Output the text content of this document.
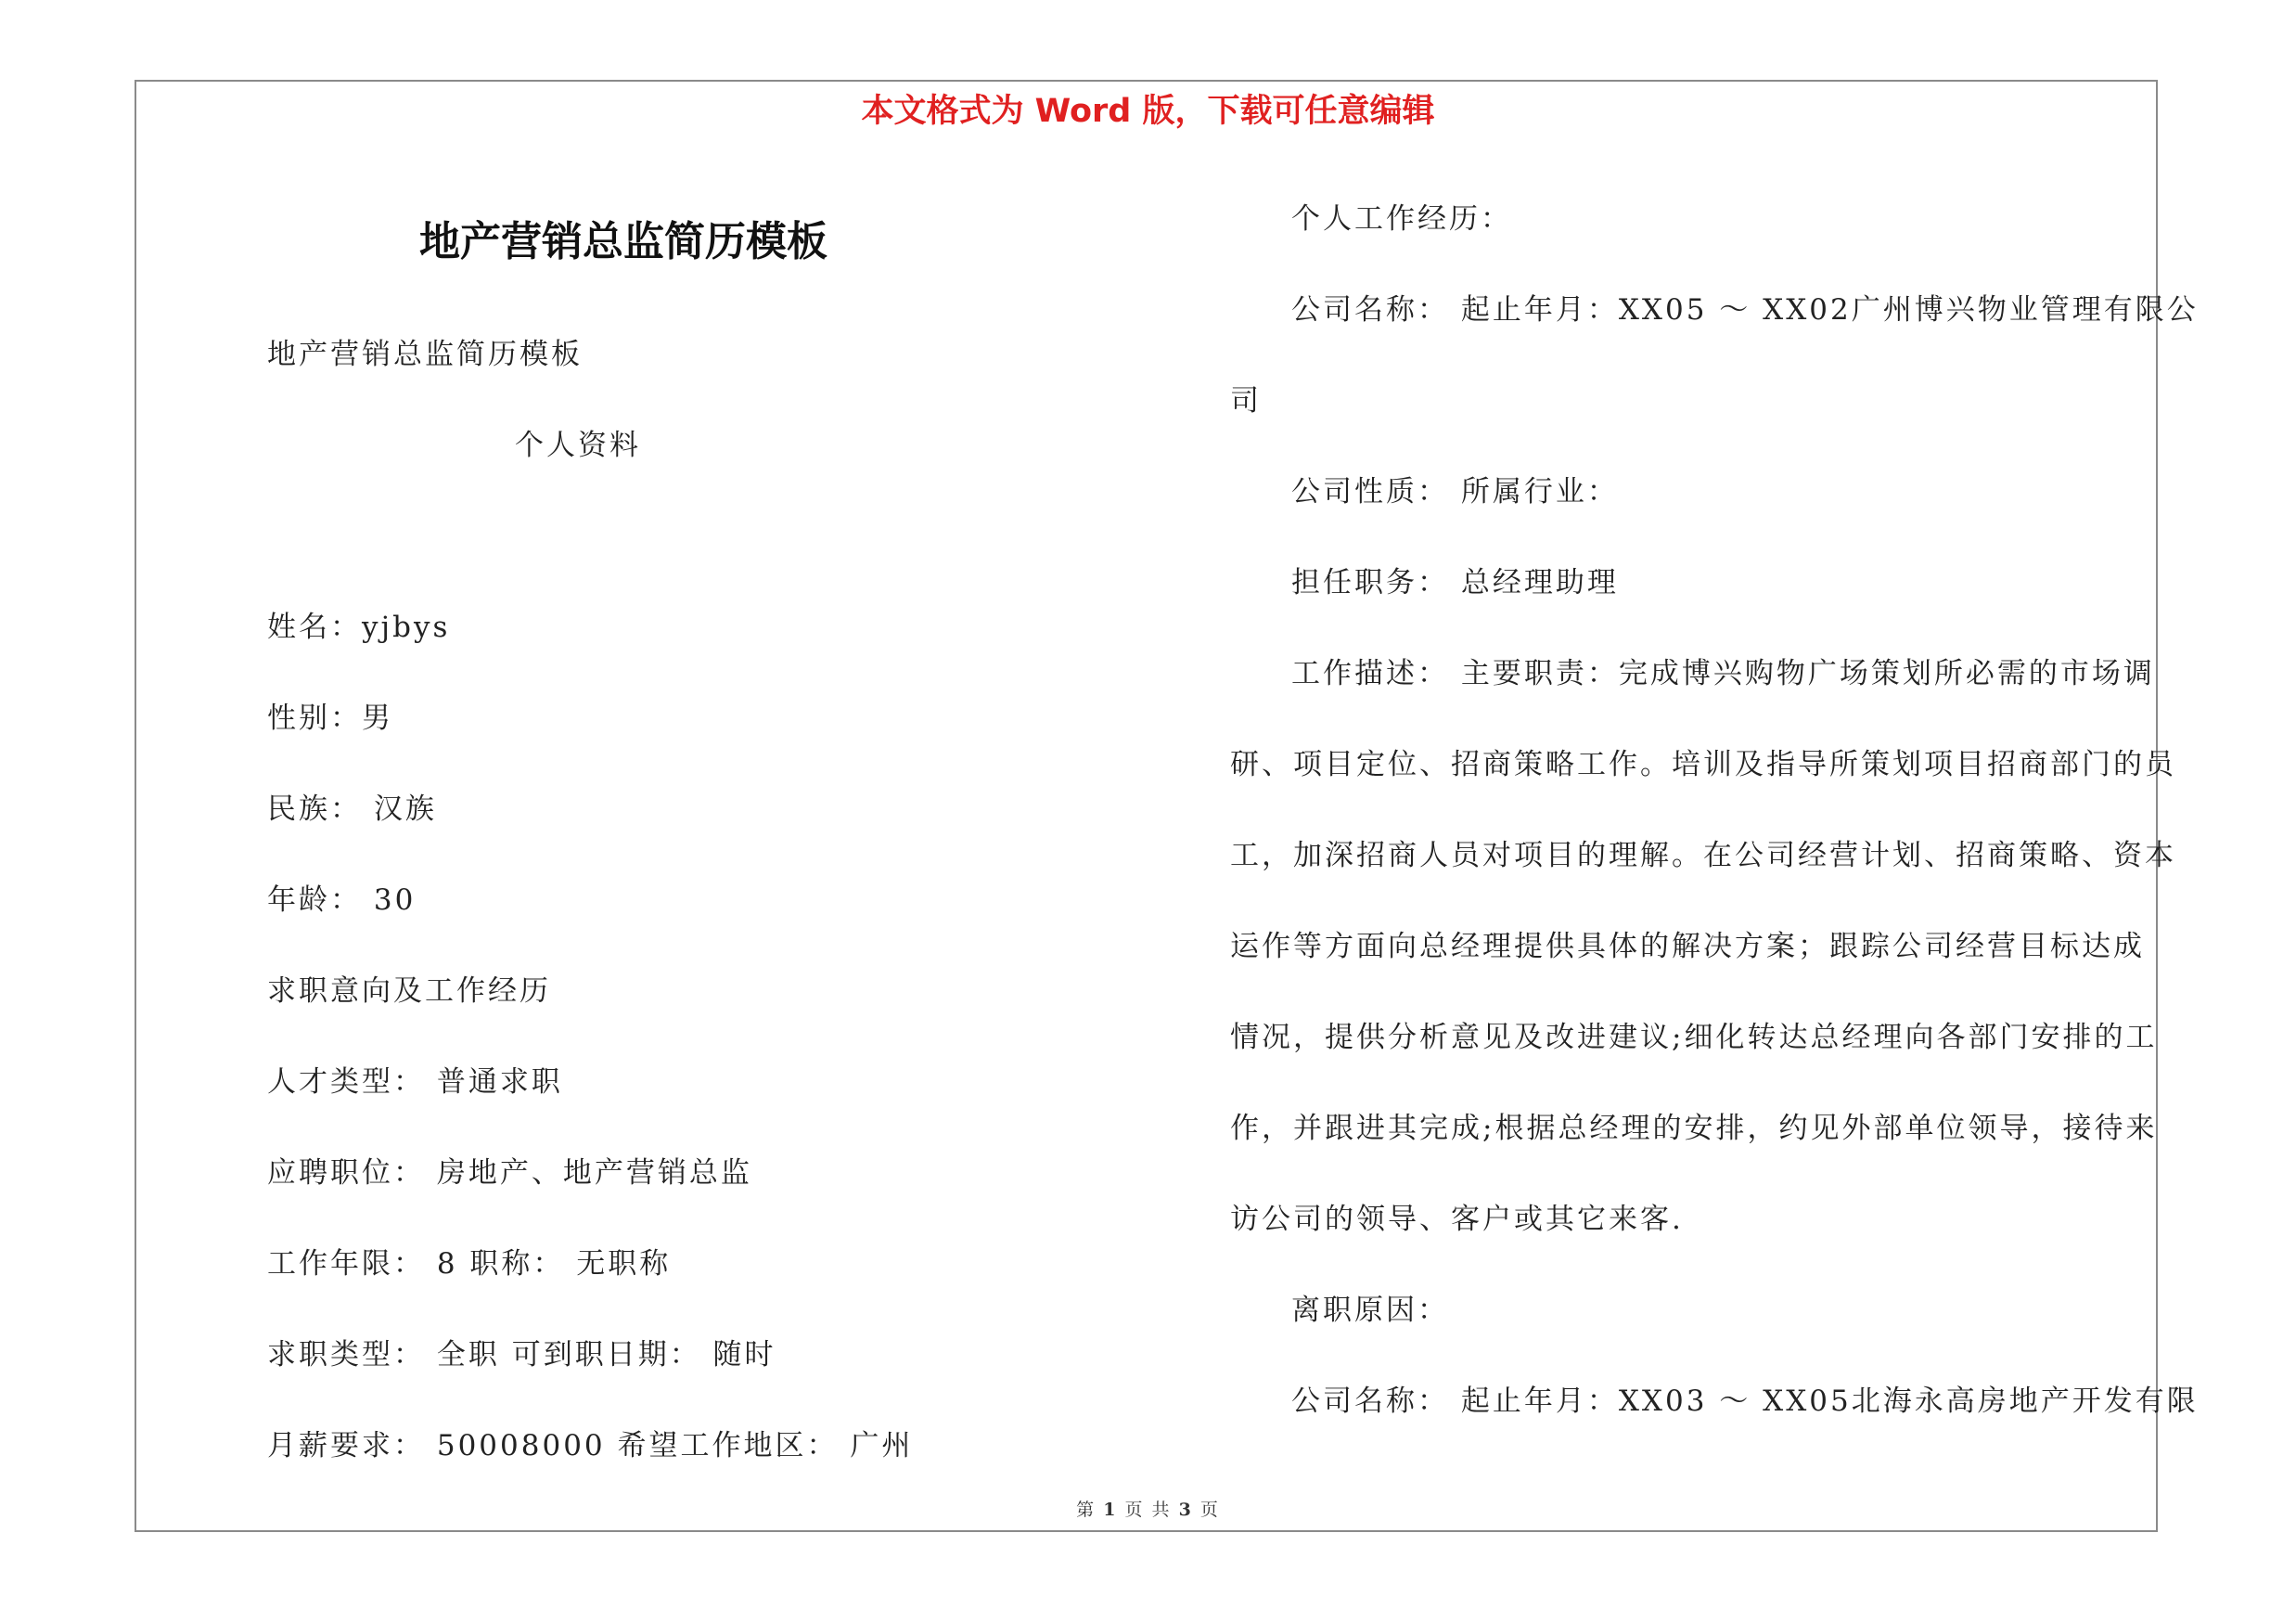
本文格式为 Word 版，下载可任意编辑
地产营销总监简历模板
地产营销总监简历模板
个人资料
姓名：yjbys
性别：男
民族： 汉族
年龄： 30
求职意向及工作经历
人才类型： 普通求职
应聘职位： 房地产、地产营销总监
工作年限： 8 职称： 无职称
求职类型： 全职 可到职日期： 随时
月薪要求： 50008000 希望工作地区： 广州
个人工作经历：
公司名称： 起止年月：XX05 ～ XX02广州博兴物业管理有限公
司
公司性质： 所属行业：
担任职务： 总经理助理
工作描述： 主要职责：完成博兴购物广场策划所必需的市场调
研、项目定位、招商策略工作。培训及指导所策划项目招商部门的员
工，加深招商人员对项目的理解。在公司经营计划、招商策略、资本
运作等方面向总经理提供具体的解决方案；跟踪公司经营目标达成
情况，提供分析意见及改进建议;细化转达总经理向各部门安排的工
作，并跟进其完成;根据总经理的安排，约见外部单位领导，接待来
访公司的领导、客户或其它来客.
离职原因：
公司名称： 起止年月：XX03 ～ XX05北海永高房地产开发有限
第 1 页 共 3 页
